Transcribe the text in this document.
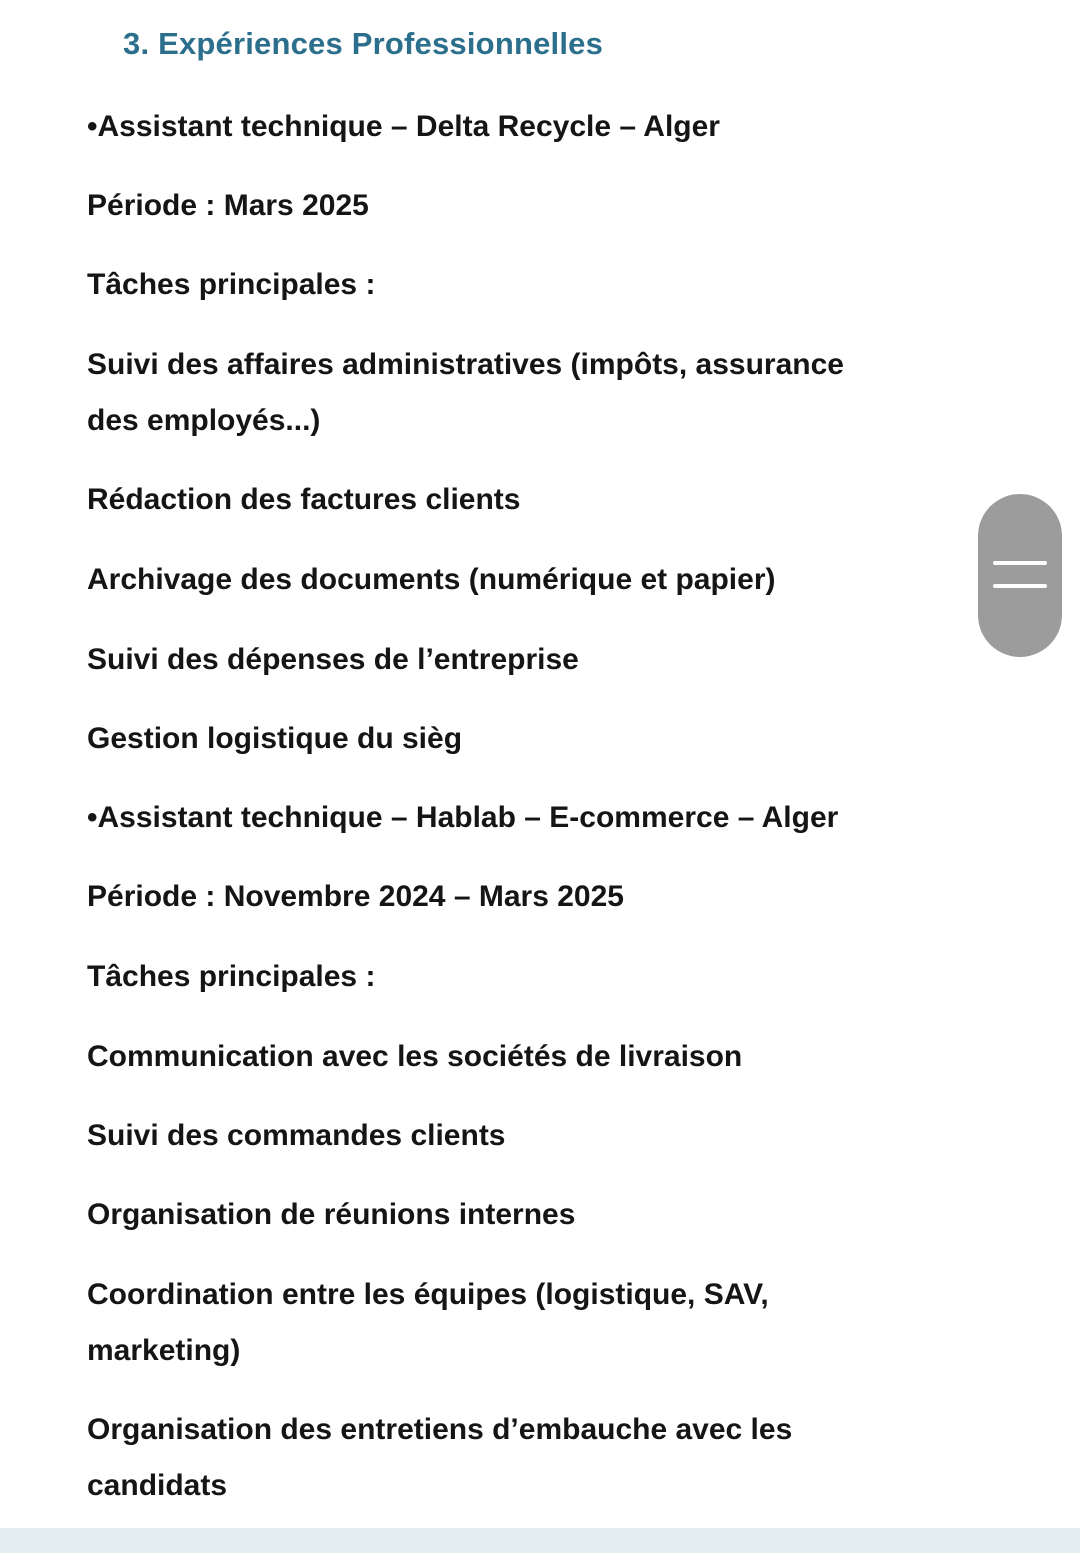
3. Expériences Professionnelles
•Assistant technique – Delta Recycle – Alger
Période : Mars 2025
Tâches principales :
Suivi des affaires administratives (impôts, assurance
des employés...)
Rédaction des factures clients
Archivage des documents (numérique et papier)
Suivi des dépenses de l’entreprise
Gestion logistique du sièg
•Assistant technique – Hablab – E-commerce – Alger
Période : Novembre 2024 – Mars 2025
Tâches principales :
Communication avec les sociétés de livraison
Suivi des commandes clients
Organisation de réunions internes
Coordination entre les équipes (logistique, SAV,
marketing)
Organisation des entretiens d’embauche avec les
candidats
